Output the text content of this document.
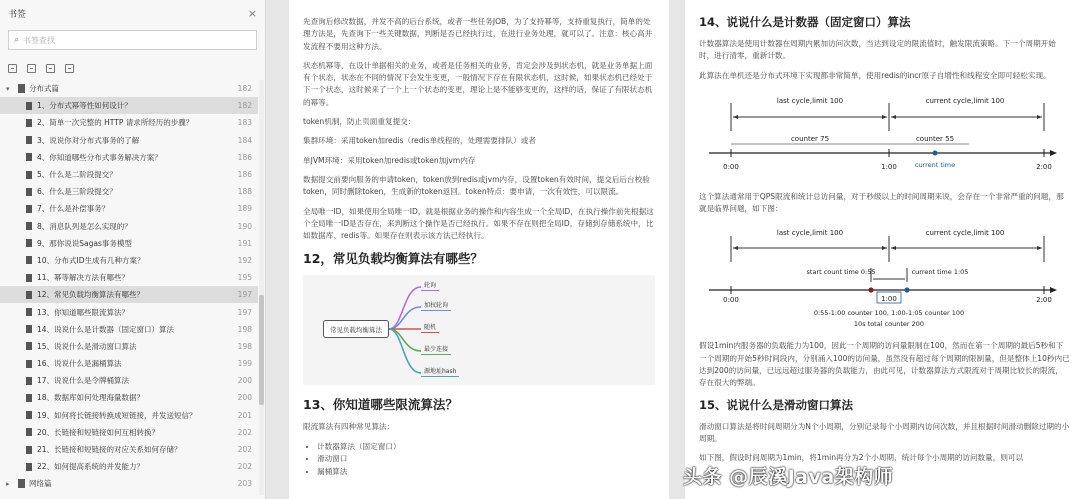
书签	×
⌕ 书签查找
▾	分布式篇	182
1、分布式幂等性如何设计？	182
2、简单一次完整的 HTTP 请求所经历的步骤？	183
3、说说你对分布式事务的了解	184
4、你知道哪些分布式事务解决方案？	186
5、什么是二阶段提交？	186
6、什么是三阶段提交？	188
7、什么是补偿事务？	189
8、消息队列是怎么实现的？	190
9、那你说说Sagas事务模型	191
10、分布式ID生成有几种方案？	192
11、幂等解决方法有哪些？	195
12、常见负载均衡算法有哪些？	197
13、你知道哪些限流算法？	197
14、说说什么是计数器（固定窗口）算法	198
15、说说什么是滑动窗口算法	198
16、说说什么是漏桶算法	199
17、说说什么是令牌桶算法	200
18、数据库如何处理海量数据？	200
19、如何将长链接转换成短链接，并发送短信？	201
20、长链接和短链接如何互相转换？	202
21、长链接和短链接的对应关系如何存储？	202
22、如何提高系统的并发能力？	202
▸	网络篇	203
先查询后修改数据，并发不高的后台系统，或者一些任务JOB，为了支持幂等，支持重复执行，简单的处理方法是，先查询下一些关键数据，判断是否已经执行过，在进行业务处理，就可以了。注意：核心高并发流程不要用这种方法。
状态机幂等，在设计单据相关的业务，或者是任务相关的业务，肯定会涉及到状态机，就是业务单据上面有个状态，状态在不同的情况下会发生变更，一般情况下存在有限状态机，这时候，如果状态机已经处于下一个状态，这时候来了一个上一个状态的变更，理论上是不能够变更的，这样的话，保证了有限状态机的幂等。
token机制，防止页面重复提交：
集群环境：采用token加redis（redis单线程的，处理需要排队）或者
单JVM环境：采用token加redis或token加jvm内存
数据提交前要向服务的申请token，token放到redis或jvm内存，设置token有效时间，提交后后台校验token，同时删除token，生成新的token返回。token特点：要申请，一次有效性，可以限流。
全局唯一ID，如果使用全局唯一ID，就是根据业务的操作和内容生成一个全局ID，在执行操作前先根据这个全局唯一ID是否存在，来判断这个操作是否已经执行。如果不存在则把全局ID，存储到存储系统中，比如数据库、redis等。如果存在则表示该方法已经执行。
12，常见负载均衡算法有哪些？
常见负载均衡算法
轮询
加权轮询
随机
最少连接
源地址hash
13、你知道哪些限流算法？
限流算法有四种常见算法：
• 计数器算法（固定窗口）
• 滑动窗口
• 漏桶算法
14、说说什么是计数器（固定窗口）算法
计数器算法是使用计数器在周期内累加访问次数，当达到设定的限流值时，触发限流策略。下一个周期开始时，进行清零，重新计数。
此算法在单机还是分布式环境下实现都非常简单，使用redis的incr原子自增性和线程安全即可轻松实现。
last cycle,limit 100	current cycle,limit 100
counter 75	counter 55
0:00	1:00	2:00
current time
这个算法通常用于QPS限流和统计总访问量，对于秒级以上的时间周期来说，会存在一个非常严重的问题，那就是临界问题，如下图：
last cycle,limit 100	current cycle,limit 100
start count time 0:55	current time 1:05
0:00	1:00	2:00
0:55-1:00 counter 100, 1:00-1:05 counter 100
10s total counter 200
假设1min内服务器的负载能力为100，因此一个周期的访问量限制在100，然而在第一个周期的最后5秒和下一个周期的开始5秒时间段内，分别涌入100的访问量，虽然没有超过每个周期的限制量，但是整体上10秒内已达到200的访问量，已远远超过服务器的负载能力，由此可见，计数器算法方式限流对于周期比较长的限流，存在很大的弊端。
15、说说什么是滑动窗口算法
滑动窗口算法是将时间周期分为N个小周期，分别记录每个小周期内访问次数，并且根据时间滑动删除过期的小周期。
如下图，假设时间周期为1min，将1min再分为2个小周期，统计每个小周期的访问数量，则可以
头条 @辰溪Java架构师
